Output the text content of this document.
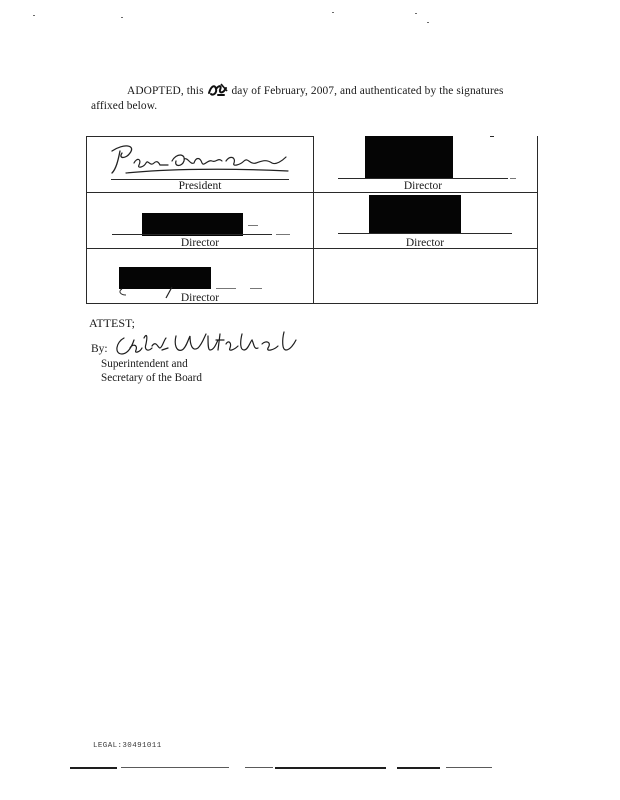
ADOPTED, this day of February, 2007, and authenticated by the signatures affixed below.
President	Director
Director	Director
Director
ATTEST;
By:
Superintendent and
Secretary of the Board
LEGAL:30491011
